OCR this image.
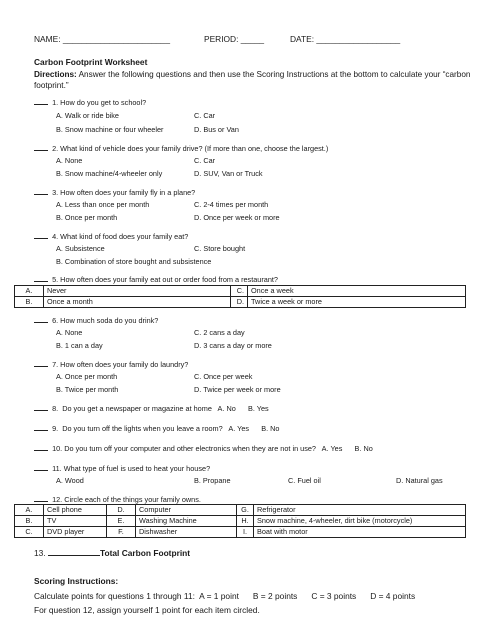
NAME: _______________________	PERIOD: _____	DATE: __________________
Carbon Footprint Worksheet
Directions: Answer the following questions and then use the Scoring Instructions at the bottom to calculate your “carbon footprint.”
1. How do you get to school?
A. Walk or ride bike	C. Car
B. Snow machine or four wheeler	D. Bus or Van
2. What kind of vehicle does your family drive? (If more than one, choose the largest.)
A. None	C. Car
B. Snow machine/4-wheeler only	D. SUV, Van or Truck
3. How often does your family fly in a plane?
A. Less than once per month	C. 2-4 times per month
B. Once per month	D. Once per week or more
4. What kind of food does your family eat?
A. Subsistence	C. Store bought
B. Combination of store bought and subsistence
5. How often does your family eat out or order food from a restaurant?
A.	Never	C.	Once a week
B.	Once a month	D.	Twice a week or more
6. How much soda do you drink?
A. None	C. 2 cans a day
B. 1 can a day	D. 3 cans a day or more
7. How often does your family do laundry?
A. Once per month	C. Once per week
B. Twice per month	D. Twice per week or more
8.  Do you get a newspaper or magazine at home   A. No      B. Yes
9.  Do you turn off the lights when you leave a room?   A. Yes      B. No
10. Do you turn off your computer and other electronics when they are not in use?   A. Yes      B. No
11. What type of fuel is used to heat your house?
A. Wood	B. Propane	C. Fuel oil	D. Natural gas
12. Circle each of the things your family owns.
A.	Cell phone	D.	Computer	G.	Refrigerator
B.	TV	E.	Washing Machine	H.	Snow machine, 4-wheeler, dirt bike (motorcycle)
C.	DVD player	F.	Dishwasher	I.	Boat with motor
13.	Total Carbon Footprint
Scoring Instructions:
Calculate points for questions 1 through 11:  A = 1 point      B = 2 points      C = 3 points      D = 4 points
For question 12, assign yourself 1 point for each item circled.
